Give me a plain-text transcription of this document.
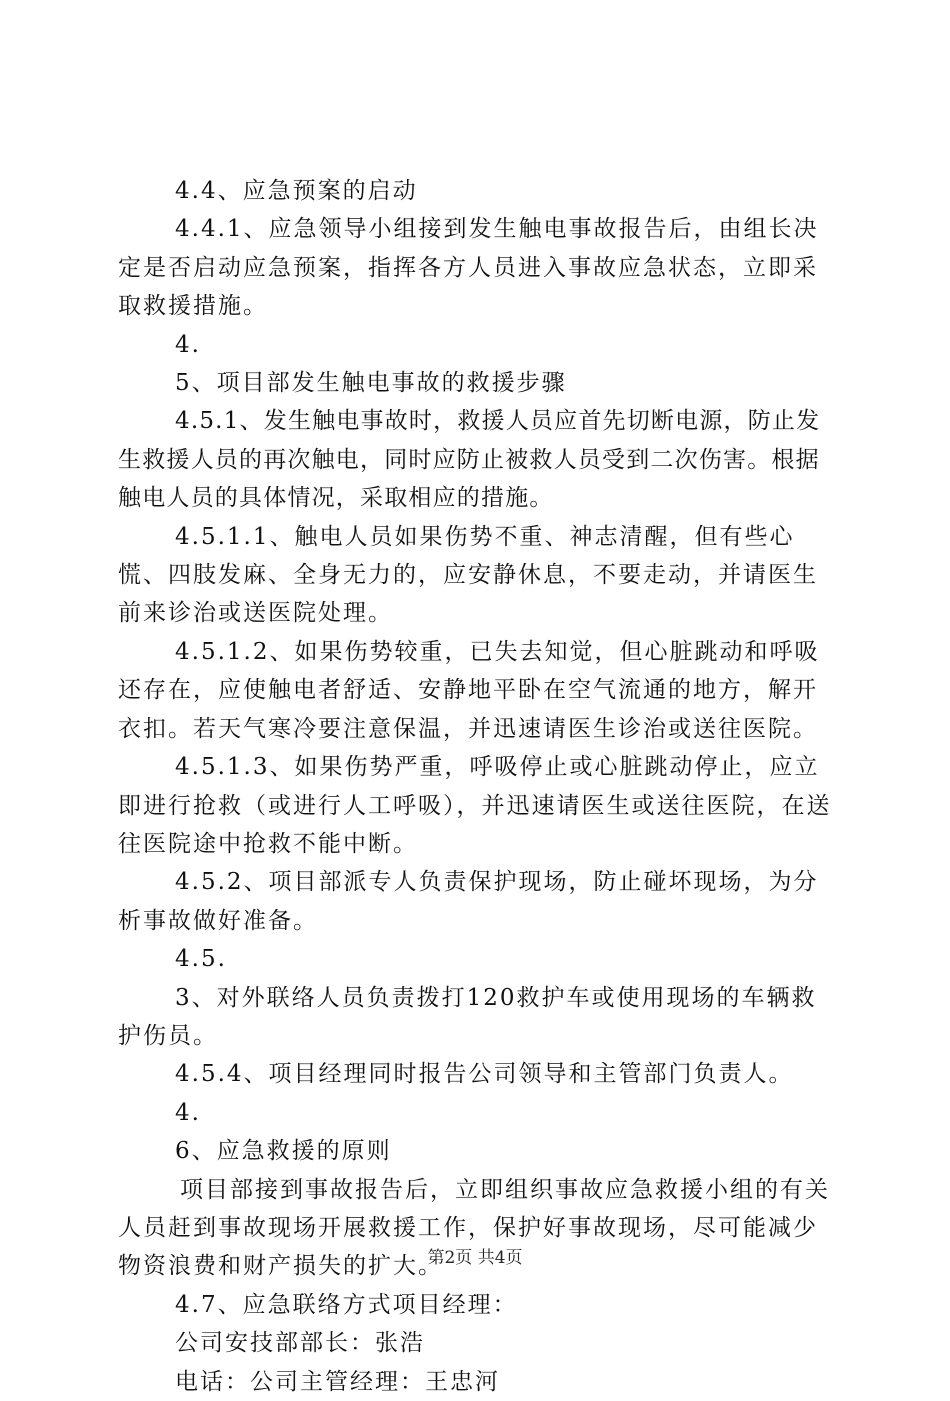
4.4、应急预案的启动

4.4.1、应急领导小组接到发生触电事故报告后，由组长决定是否启动应急预案，指挥各方人员进入事故应急状态，立即采取救援措施。

4.

5、项目部发生触电事故的救援步骤

4.5.1、发生触电事故时，救援人员应首先切断电源，防止发生救援人员的再次触电，同时应防止被救人员受到二次伤害。根据触电人员的具体情况，采取相应的措施。

4.5.1.1、触电人员如果伤势不重、神志清醒，但有些心慌、四肢发麻、全身无力的，应安静休息，不要走动，并请医生前来诊治或送医院处理。

4.5.1.2、如果伤势较重，已失去知觉，但心脏跳动和呼吸还存在，应使触电者舒适、安静地平卧在空气流通的地方，解开衣扣。若天气寒冷要注意保温，并迅速请医生诊治或送往医院。

4.5.1.3、如果伤势严重，呼吸停止或心脏跳动停止，应立即进行抢救（或进行人工呼吸），并迅速请医生或送往医院，在送往医院途中抢救不能中断。

4.5.2、项目部派专人负责保护现场，防止碰坏现场，为分析事故做好准备。

4.5.

3、对外联络人员负责拨打120救护车或使用现场的车辆救护伤员。

4.5.4、项目经理同时报告公司领导和主管部门负责人。

4.

6、应急救援的原则

项目部接到事故报告后，立即组织事故应急救援小组的有关人员赶到事故现场开展救援工作，保护好事故现场，尽可能减少物资浪费和财产损失的扩大。

4.7、应急联络方式项目经理：

公司安技部部长：张浩

电话：公司主管经理：王忠河

第2页 共4页
